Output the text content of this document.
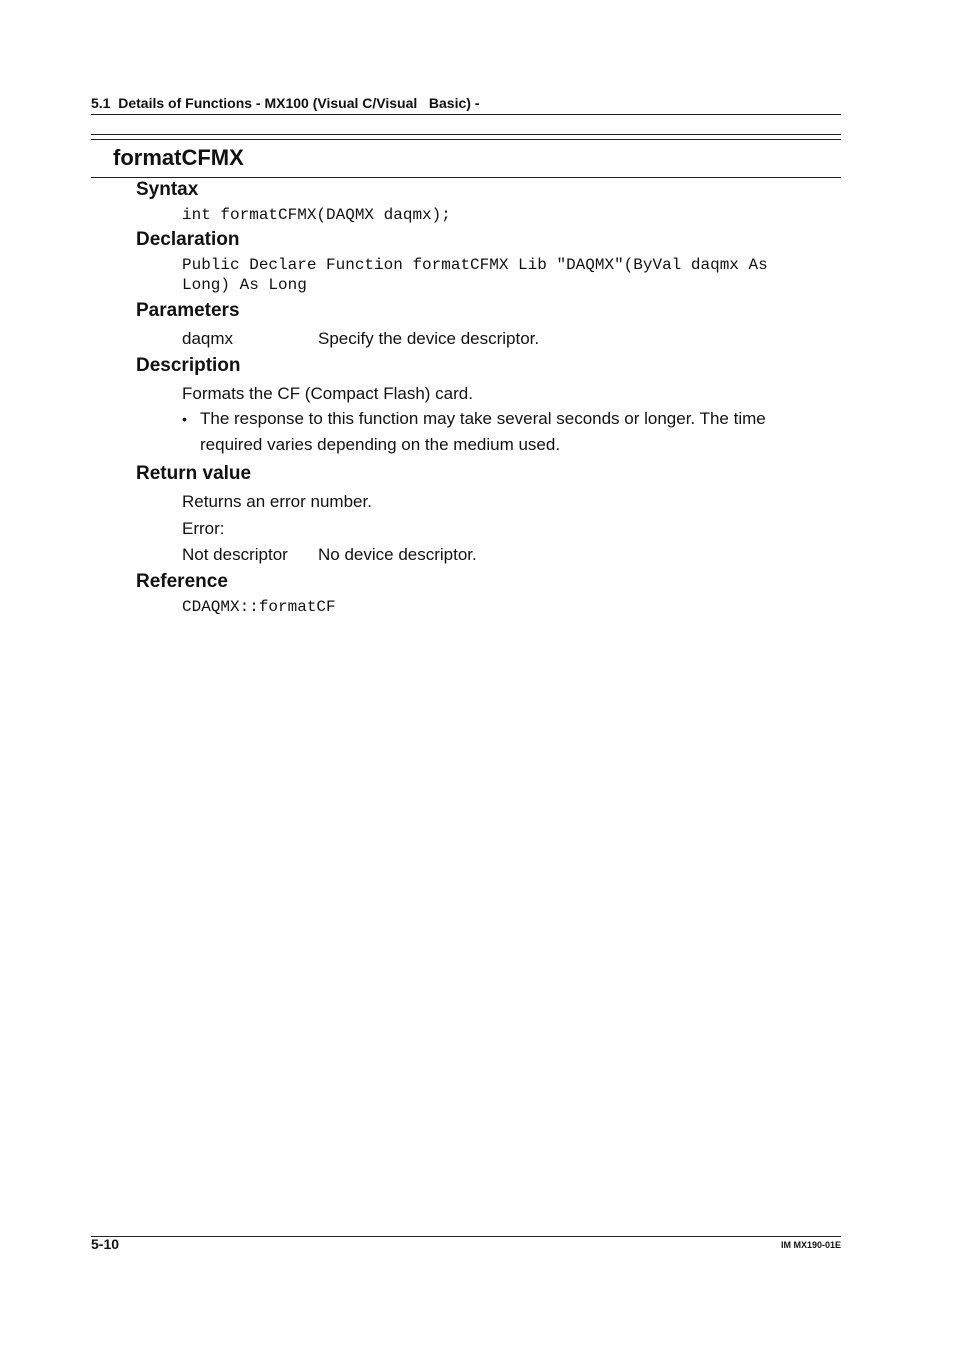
5.1  Details of Functions - MX100 (Visual C/Visual   Basic) -
formatCFMX
Syntax
int formatCFMX(DAQMX daqmx);
Declaration
Public Declare Function formatCFMX Lib "DAQMX"(ByVal daqmx As
Long) As Long
Parameters
daqmx	Specify the device descriptor.
Description
Formats the CF (Compact Flash) card.
• The response to this function may take several seconds or longer. The time required varies depending on the medium used.
Return value
Returns an error number.
Error:
Not descriptor No device descriptor.
Reference
CDAQMX::formatCF
5-10	IM MX190-01E
